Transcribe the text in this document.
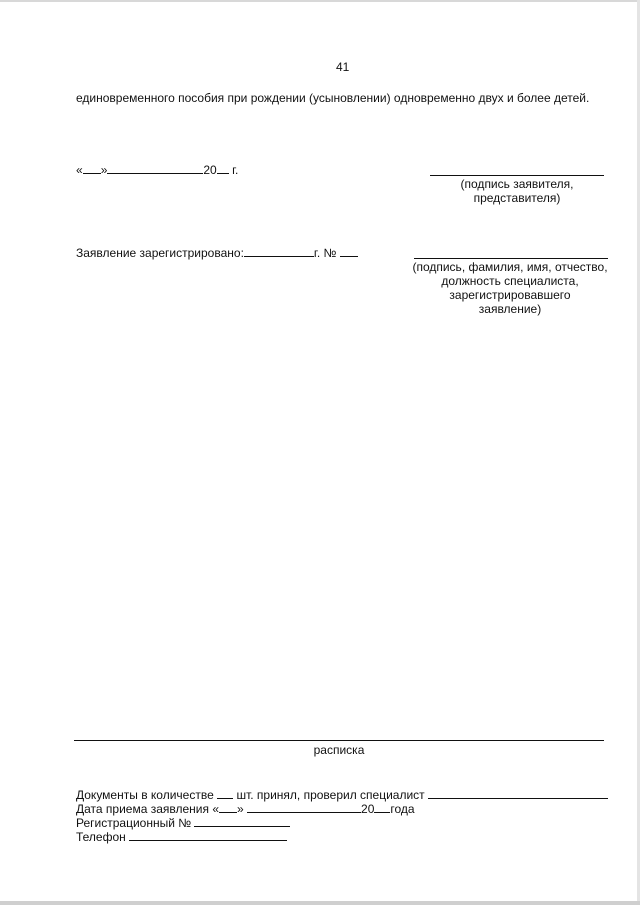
41
единовременного пособия при рождении (усыновлении) одновременно двух и более детей.
« »	20 г.
(подпись заявителя,
представителя)
Заявление зарегистрировано:	г. №
(подпись, фамилия, имя, отчество,
должность специалиста,
зарегистрировавшего
заявление)
расписка
Документы в количестве шт. принял, проверил специалист
Дата приема заявления « »	20 года
Регистрационный №
Телефон
